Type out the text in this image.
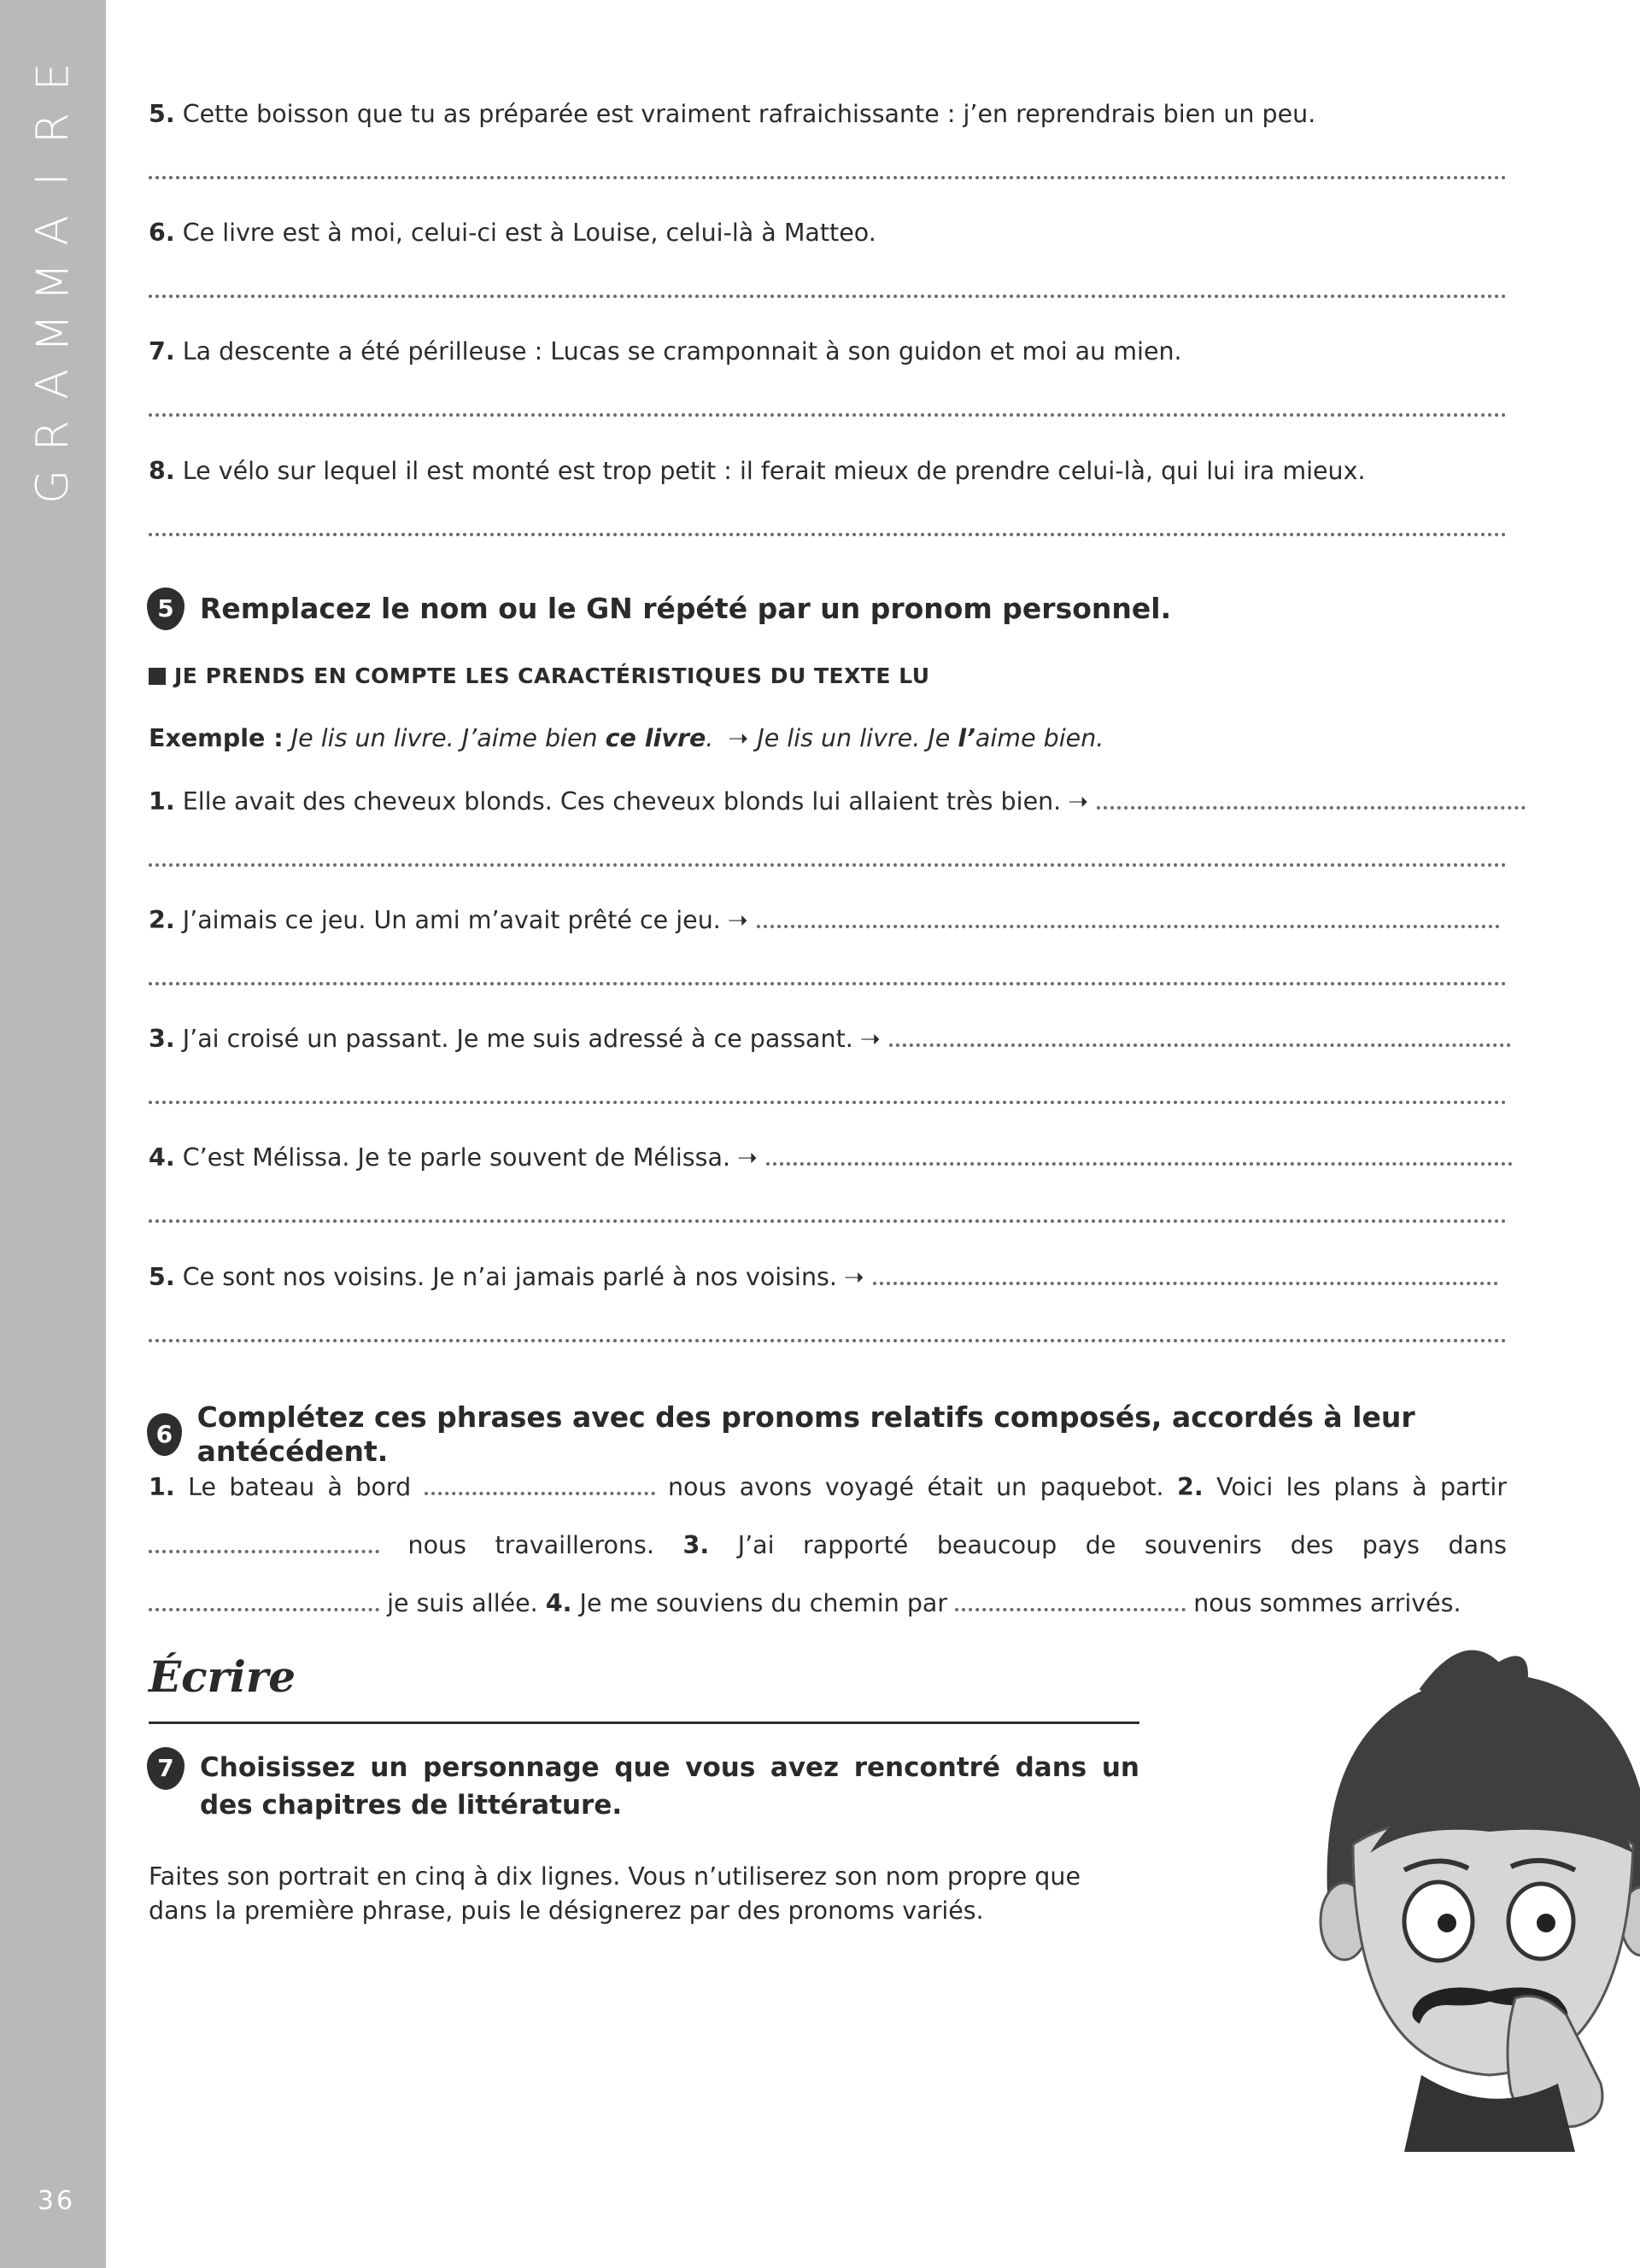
E
R
I
A
M
M
A
R
G
36
5. Cette boisson que tu as préparée est vraiment rafraichissante : j’en reprendrais bien un peu.
6. Ce livre est à moi, celui-ci est à Louise, celui-là à Matteo.
7. La descente a été périlleuse : Lucas se cramponnait à son guidon et moi au mien.
8. Le vélo sur lequel il est monté est trop petit : il ferait mieux de prendre celui-là, qui lui ira mieux.
5 Remplacez le nom ou le GN répété par un pronom personnel.
JE PRENDS EN COMPTE LES CARACTÉRISTIQUES DU TEXTE LU
Exemple : Je lis un livre. J’aime bien ce livre. ➝ Je lis un livre. Je l’aime bien.
1. Elle avait des cheveux blonds. Ces cheveux blonds lui allaient très bien. ➝
2. J’aimais ce jeu. Un ami m’avait prêté ce jeu. ➝
3. J’ai croisé un passant. Je me suis adressé à ce passant. ➝
4. C’est Mélissa. Je te parle souvent de Mélissa. ➝
5. Ce sont nos voisins. Je n’ai jamais parlé à nos voisins. ➝
6
Complétez ces phrases avec des pronoms relatifs composés, accordés à leur antécédent.
1. Le bateau à bord	nous avons voyagé était un paquebot. 2. Voici les plans à partir  nous travaillerons. 3. J’ai rapporté beaucoup de souvenirs des pays dans  je suis allée. 4. Je me souviens du chemin par	nous sommes arrivés.
Écrire
7 Choisissez un personnage que vous avez rencontré dans un des chapitres de littérature.
Faites son portrait en cinq à dix lignes. Vous n’utiliserez son nom propre que dans la première phrase, puis le désignerez par des pronoms variés.
